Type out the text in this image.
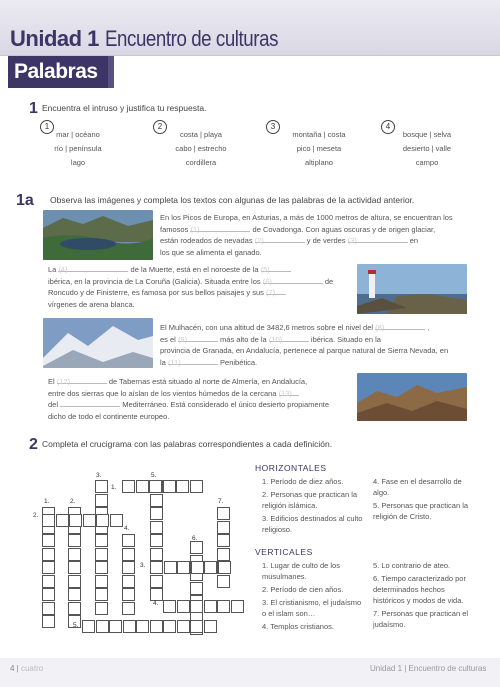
Unidad 1 Encuentro de culturas
Palabras
1 Encuentra el intruso y justifica tu respuesta.
1
mar | océano
río | península
lago
2
costa | playa
cabo | estrecho
cordillera
3
montaña | costa
pico | meseta
altiplano
4
bosque | selva
desierto | valle
campo
1a Observa las imágenes y completa los textos con algunas de las palabras de la actividad anterior.
En los Picos de Europa, en Asturias, a más de 1000 metros de altura, se encuentran los
famosos (1)	de Covadonga. Con aguas oscuras y de origen glaciar,
están rodeados de nevadas (2)	y de verdes (3)	en
los que se alimenta el ganado.
La (4)	de la Muerte, está en el noroeste de la (5)
ibérica, en la provincia de La Coruña (Galicia). Situada entre los (6)	de
Roncudo y de Finisterre, es famosa por sus bellos paisajes y sus (7)
vírgenes de arena blanca.
El Mulhacén, con una altitud de 3482,6 metros sobre el nivel del (8)	,
es el (9)	más alto de la (10)	ibérica. Situado en la
provincia de Granada, en Andalucía, pertenece al parque natural de Sierra Nevada, en
la (11)	Penibética.
El (12)	de Tabernas está situado al norte de Almería, en Andalucía,
entre dos sierras que lo aíslan de los vientos húmedos de la cercana (13)
del	Mediterráneo. Está considerado el único desierto propiamente
dicho de todo el continente europeo.
2 Completa el crucigrama con las palabras correspondientes a cada definición.
3.	5.
1.
1.	2.	7.
2.
4.
6.
3.
4.
5.
HORIZONTALES
1. Período de diez años.
2. Personas que practican la religión islámica.
3. Edificios destinados al culto religioso.
4. Fase en el desarrollo de algo.
5. Personas que practican la religión de Cristo.
VERTICALES
1. Lugar de culto de los musulmanes.
2. Período de cien años.
3. El cristianismo, el judaísmo o el islam son…
4. Templos cristianos.
5. Lo contrario de ateo.
6. Tiempo caracterizado por determinados hechos históricos y modos de vida.
7. Personas que practican el judaísmo.
4 | cuatro	Unidad 1 | Encuentro de culturas
